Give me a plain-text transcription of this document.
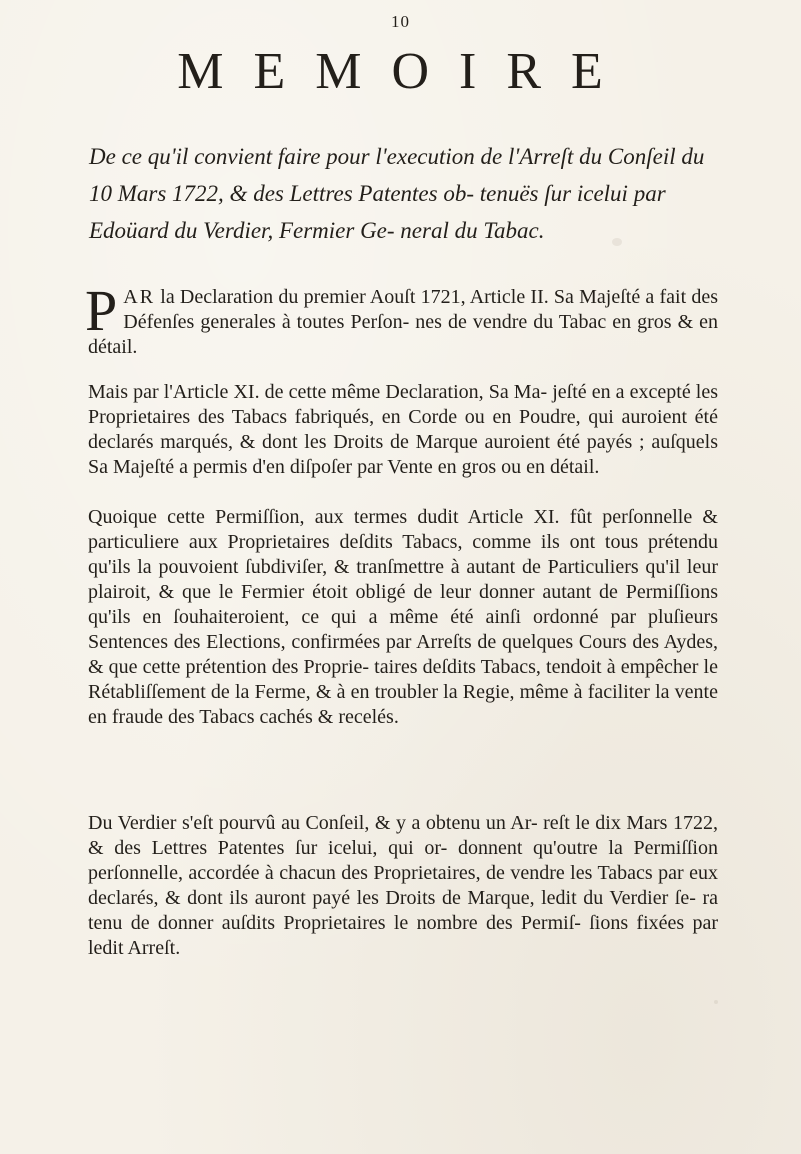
10
MEMOIRE
De ce qu'il convient faire pour l'execution de l'Arreſt du Conſeil du 10 Mars 1722, & des Lettres Patentes ob- tenuës ſur icelui par Edoüard du Verdier, Fermier Ge- neral du Tabac.
PAR la Declaration du premier Aouſt 1721, Article II. Sa Majeſté a fait des Défenſes generales à toutes Perſon- nes de vendre du Tabac en gros & en détail.
Mais par l'Article XI. de cette même Declaration, Sa Ma- jeſté en a excepté les Proprietaires des Tabacs fabriqués, en Corde ou en Poudre, qui auroient été declarés marqués, & dont les Droits de Marque auroient été payés ; auſquels Sa Majeſté a permis d'en diſpoſer par Vente en gros ou en détail.
Quoique cette Permiſſion, aux termes dudit Article XI. fût perſonnelle & particuliere aux Proprietaires deſdits Tabacs, comme ils ont tous prétendu qu'ils la pouvoient ſubdiviſer, & tranſmettre à autant de Particuliers qu'il leur plairoit, & que le Fermier étoit obligé de leur donner autant de Permiſſions qu'ils en ſouhaiteroient, ce qui a même été ainſi ordonné par pluſieurs Sentences des Elections, confirmées par Arreſts de quelques Cours des Aydes, & que cette prétention des Proprie- taires deſdits Tabacs, tendoit à empêcher le Rétabliſſement de la Ferme, & à en troubler la Regie, même à faciliter la vente en fraude des Tabacs cachés & recelés.
Du Verdier s'eſt pourvû au Conſeil, & y a obtenu un Ar- reſt le dix Mars 1722, & des Lettres Patentes ſur icelui, qui or- donnent qu'outre la Permiſſion perſonnelle, accordée à chacun des Proprietaires, de vendre les Tabacs par eux declarés, & dont ils auront payé les Droits de Marque, ledit du Verdier ſe- ra tenu de donner auſdits Proprietaires le nombre des Permiſ- ſions fixées par ledit Arreſt.
